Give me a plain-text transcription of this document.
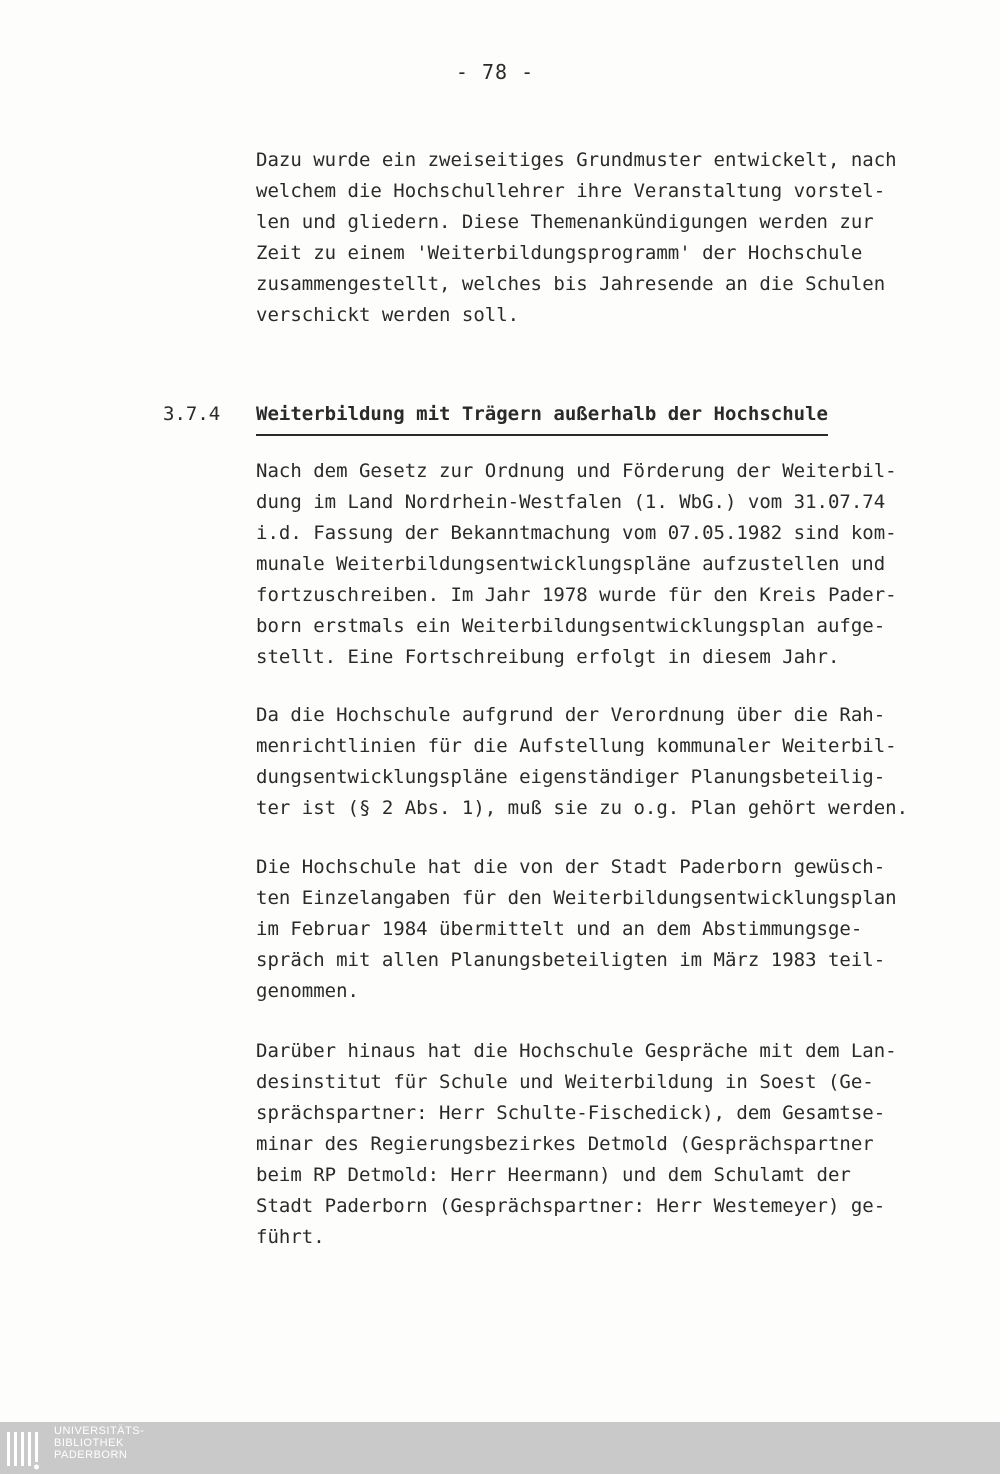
- 78 -

Dazu wurde ein zweiseitiges Grundmuster entwickelt, nach
welchem die Hochschullehrer ihre Veranstaltung vorstel-
len und gliedern. Diese Themenankündigungen werden zur
Zeit zu einem 'Weiterbildungsprogramm' der Hochschule
zusammengestellt, welches bis Jahresende an die Schulen
verschickt werden soll.

3.7.4 Weiterbildung mit Trägern außerhalb der Hochschule

Nach dem Gesetz zur Ordnung und Förderung der Weiterbil-
dung im Land Nordrhein-Westfalen (1. WbG.) vom 31.07.74
i.d. Fassung der Bekanntmachung vom 07.05.1982 sind kom-
munale Weiterbildungsentwicklungspläne aufzustellen und
fortzuschreiben. Im Jahr 1978 wurde für den Kreis Pader-
born erstmals ein Weiterbildungsentwicklungsplan aufge-
stellt. Eine Fortschreibung erfolgt in diesem Jahr.

Da die Hochschule aufgrund der Verordnung über die Rah-
menrichtlinien für die Aufstellung kommunaler Weiterbil-
dungsentwicklungspläne eigenständiger Planungsbeteilig-
ter ist (§ 2 Abs. 1), muß sie zu o.g. Plan gehört werden.

Die Hochschule hat die von der Stadt Paderborn gewüsch-
ten Einzelangaben für den Weiterbildungsentwicklungsplan
im Februar 1984 übermittelt und an dem Abstimmungsge-
spräch mit allen Planungsbeteiligten im März 1983 teil-
genommen.

Darüber hinaus hat die Hochschule Gespräche mit dem Lan-
desinstitut für Schule und Weiterbildung in Soest (Ge-
sprächspartner: Herr Schulte-Fischedick), dem Gesamtse-
minar des Regierungsbezirkes Detmold (Gesprächspartner
beim RP Detmold: Herr Heermann) und dem Schulamt der
Stadt Paderborn (Gesprächspartner: Herr Westemeyer) ge-
führt.

UNIVERSITÄTS-
BIBLIOTHEK
PADERBORN
